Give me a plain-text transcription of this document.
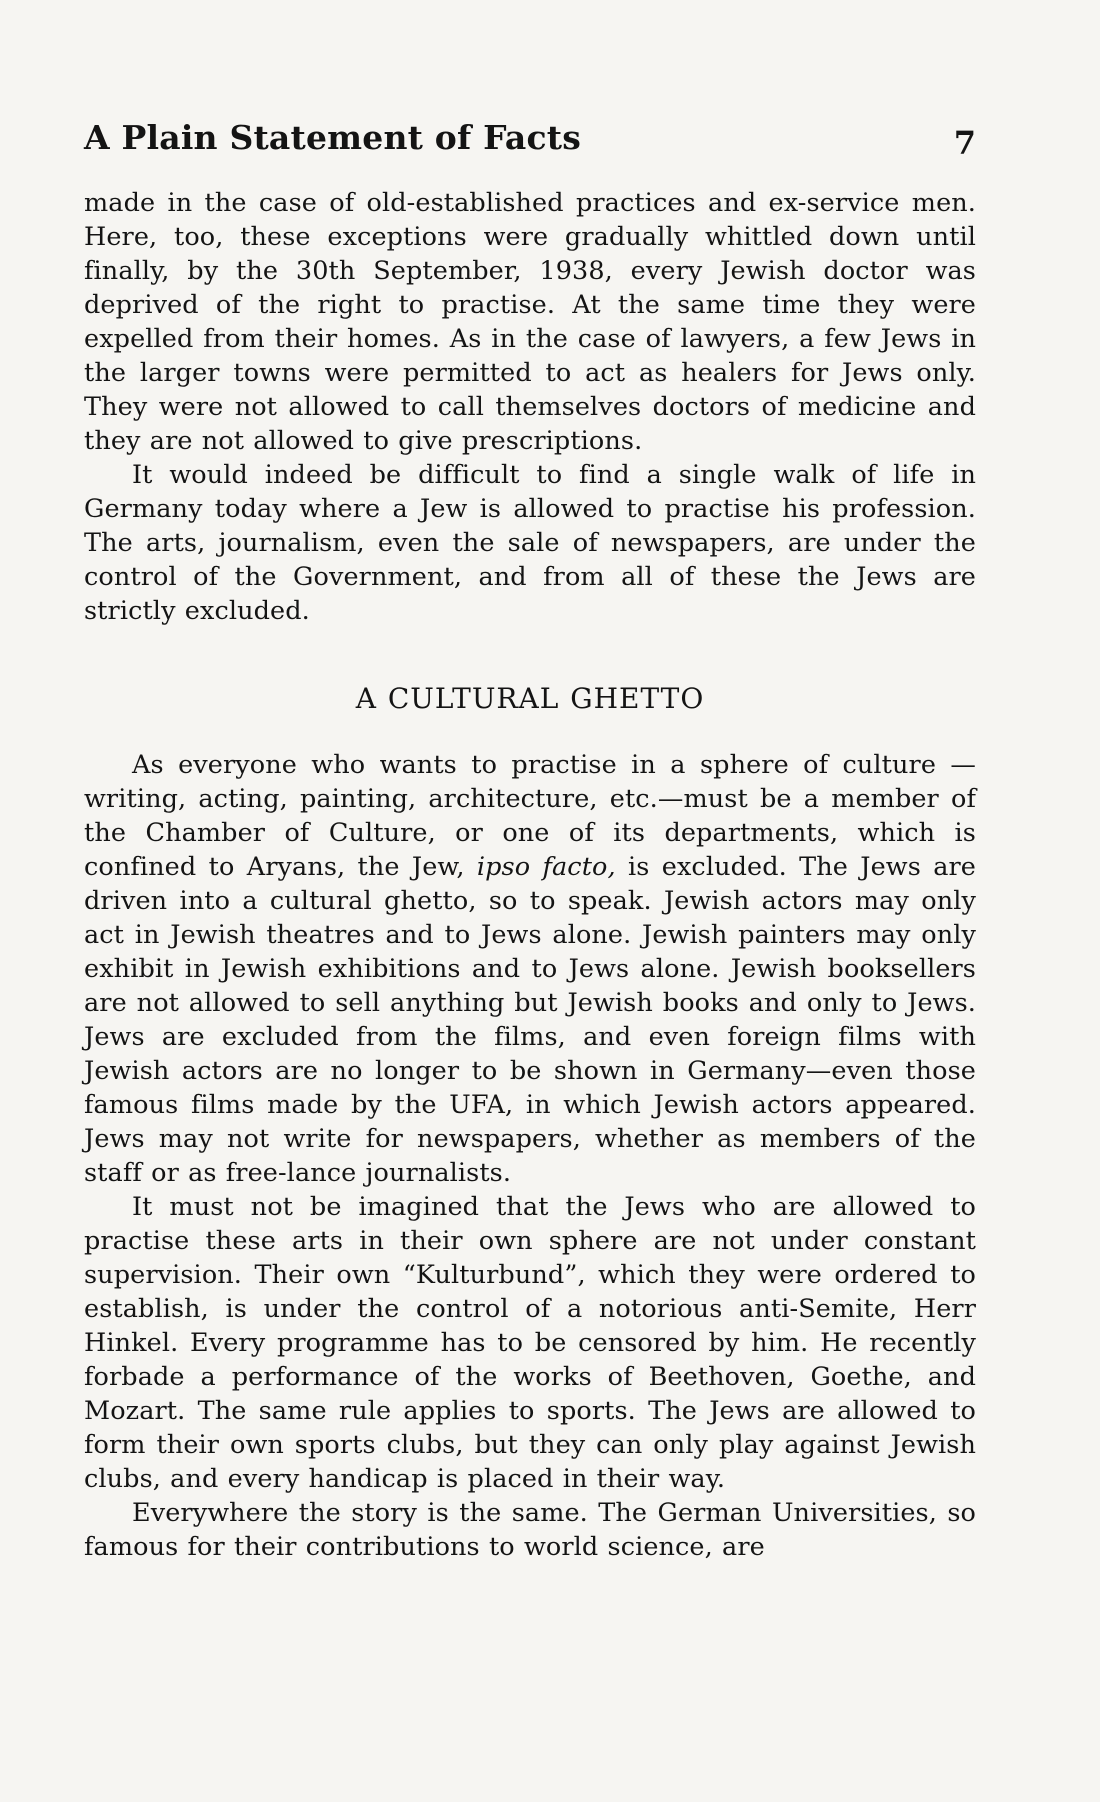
A Plain Statement of Facts	7

made in the case of old-established practices and ex-service men. Here, too, these exceptions were gradually whittled down until finally, by the 30th September, 1938, every Jewish doctor was deprived of the right to practise. At the same time they were expelled from their homes. As in the case of lawyers, a few Jews in the larger towns were permitted to act as healers for Jews only. They were not allowed to call themselves doctors of medicine and they are not allowed to give prescriptions.

It would indeed be difficult to find a single walk of life in Germany today where a Jew is allowed to practise his profession. The arts, journalism, even the sale of newspapers, are under the control of the Government, and from all of these the Jews are strictly excluded.

A CULTURAL GHETTO

As everyone who wants to practise in a sphere of culture —writing, acting, painting, architecture, etc.—must be a member of the Chamber of Culture, or one of its departments, which is confined to Aryans, the Jew, ipso facto, is excluded. The Jews are driven into a cultural ghetto, so to speak. Jewish actors may only act in Jewish theatres and to Jews alone. Jewish painters may only exhibit in Jewish exhibitions and to Jews alone. Jewish booksellers are not allowed to sell anything but Jewish books and only to Jews. Jews are excluded from the films, and even foreign films with Jewish actors are no longer to be shown in Germany—even those famous films made by the UFA, in which Jewish actors appeared. Jews may not write for newspapers, whether as members of the staff or as free-lance journalists.

It must not be imagined that the Jews who are allowed to practise these arts in their own sphere are not under constant supervision. Their own “Kulturbund”, which they were ordered to establish, is under the control of a notorious anti-Semite, Herr Hinkel. Every programme has to be censored by him. He recently forbade a performance of the works of Beethoven, Goethe, and Mozart. The same rule applies to sports. The Jews are allowed to form their own sports clubs, but they can only play against Jewish clubs, and every handicap is placed in their way.

Everywhere the story is the same. The German Universities, so famous for their contributions to world science, are
